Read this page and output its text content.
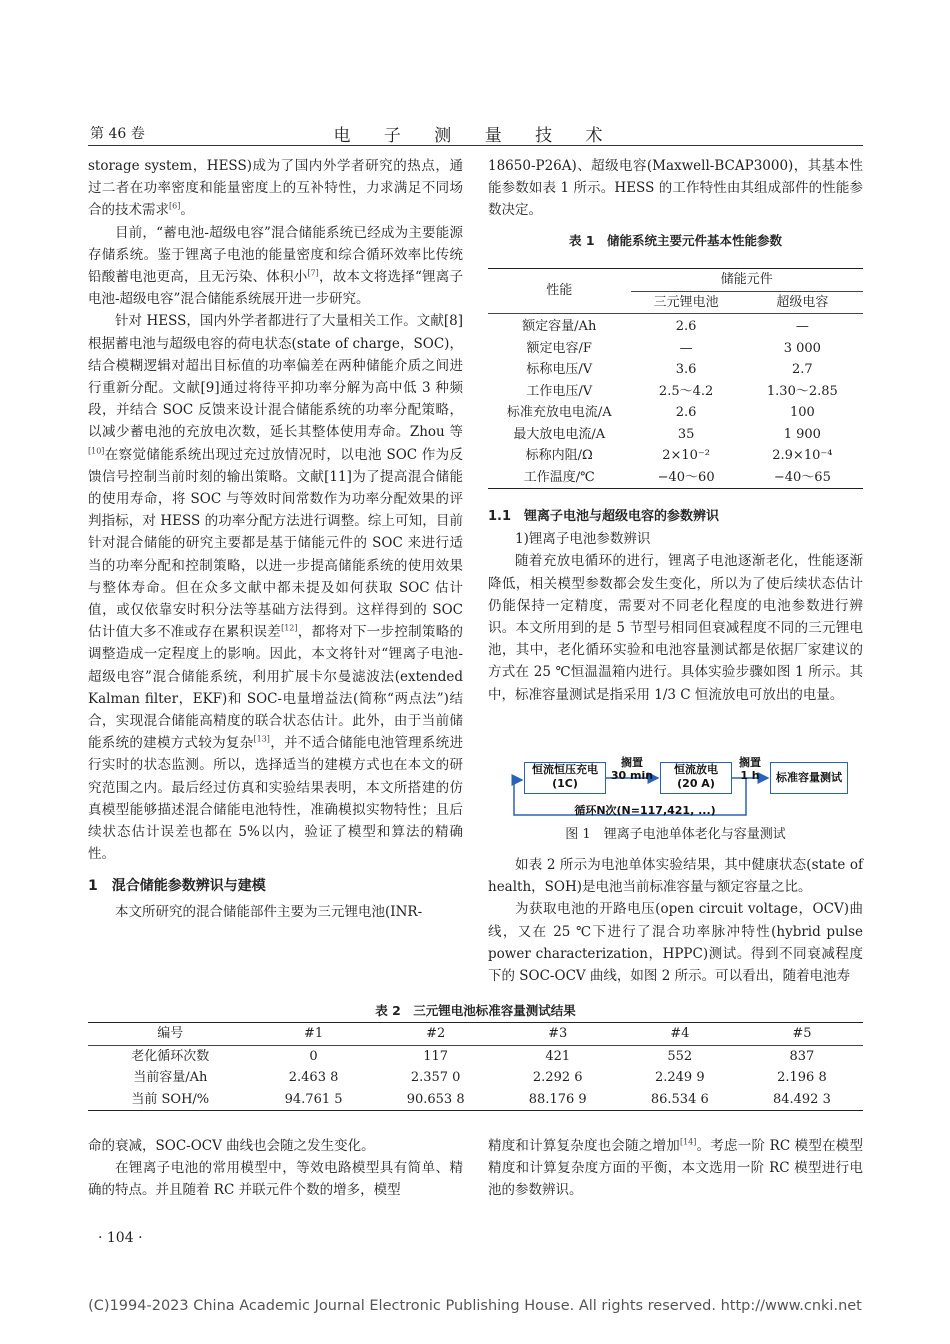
第 46 卷	电 子 测 量 技 术

storage system，HESS)成为了国内外学者研究的热点，通过二者在功率密度和能量密度上的互补特性，力求满足不同场合的技术需求[6]。

目前，“蓄电池-超级电容”混合储能系统已经成为主要能源存储系统。鉴于锂离子电池的能量密度和综合循环效率比传统铅酸蓄电池更高，且无污染、体积小[7]，故本文将选择“锂离子电池-超级电容”混合储能系统展开进一步研究。

针对 HESS，国内外学者都进行了大量相关工作。文献[8]根据蓄电池与超级电容的荷电状态(state of charge，SOC)，结合模糊逻辑对超出目标值的功率偏差在两种储能介质之间进行重新分配。文献[9]通过将待平抑功率分解为高中低 3 种频段，并结合 SOC 反馈来设计混合储能系统的功率分配策略，以减少蓄电池的充放电次数，延长其整体使用寿命。Zhou 等[10]在察觉储能系统出现过充过放情况时，以电池 SOC 作为反馈信号控制当前时刻的输出策略。文献[11]为了提高混合储能的使用寿命，将 SOC 与等效时间常数作为功率分配效果的评判指标，对 HESS 的功率分配方法进行调整。综上可知，目前针对混合储能的研究主要都是基于储能元件的 SOC 来进行适当的功率分配和控制策略，以进一步提高储能系统的使用效果与整体寿命。但在众多文献中都未提及如何获取 SOC 估计值，或仅依靠安时积分法等基础方法得到。这样得到的 SOC 估计值大多不准或存在累积误差[12]，都将对下一步控制策略的调整造成一定程度上的影响。因此，本文将针对“锂离子电池-超级电容”混合储能系统，利用扩展卡尔曼滤波法(extended Kalman filter，EKF)和 SOC-电量增益法(简称“两点法”)结合，实现混合储能高精度的联合状态估计。此外，由于当前储能系统的建模方式较为复杂[13]，并不适合储能电池管理系统进行实时的状态监测。所以，选择适当的建模方式也在本文的研究范围之内。最后经过仿真和实验结果表明，本文所搭建的仿真模型能够描述混合储能电池特性，准确模拟实物特性；且后续状态估计误差也都在 5%以内，验证了模型和算法的精确性。

1　混合储能参数辨识与建模

本文所研究的混合储能部件主要为三元锂电池(INR-

18650-P26A)、超级电容(Maxwell-BCAP3000)，其基本性能参数如表 1 所示。HESS 的工作特性由其组成部件的性能参数决定。

表 1　储能系统主要元件基本性能参数

性能	储能元件	
	三元锂电池	超级电容
额定容量/Ah	2.6	—
额定电容/F	—	3 000
标称电压/V	3.6	2.7
工作电压/V	2.5～4.2	1.30～2.85
标准充放电电流/A	2.6	100
最大放电电流/A	35	1 900
标称内阻/Ω	2×10⁻²	2.9×10⁻⁴
工作温度/℃	−40～60	−40～65

1.1　锂离子电池与超级电容的参数辨识

1)锂离子电池参数辨识

随着充放电循环的进行，锂离子电池逐渐老化，性能逐渐降低，相关模型参数都会发生变化，所以为了使后续状态估计仍能保持一定精度，需要对不同老化程度的电池参数进行辨识。本文所用到的是 5 节型号相同但衰减程度不同的三元锂电池，其中，老化循环实验和电池容量测试都是依据厂家建议的方式在 25 ℃恒温温箱内进行。具体实验步骤如图 1 所示。其中，标准容量测试是指采用 1/3 C 恒流放电可放出的电量。

恒流恒压充电
(1C)
搁置
30 min	恒流放电
(20 A)
搁置
1 h	标准容量测试
循环N次(N=117,421, ...)
图 1　锂离子电池单体老化与容量测试

如表 2 所示为电池单体实验结果，其中健康状态(state of health，SOH)是电池当前标准容量与额定容量之比。

为获取电池的开路电压(open circuit voltage，OCV)曲线，又在 25 ℃下进行了混合功率脉冲特性(hybrid pulse power characterization，HPPC)测试。得到不同衰减程度下的 SOC-OCV 曲线，如图 2 所示。可以看出，随着电池寿

表 2　三元锂电池标准容量测试结果
编号	#1	#2	#3	#4	#5
老化循环次数	0	117	421	552	837
当前容量/Ah	2.463 8	2.357 0	2.292 6	2.249 9	2.196 8
当前 SOH/%	94.761 5	90.653 8	88.176 9	86.534 6	84.492 3

命的衰减，SOC-OCV 曲线也会随之发生变化。

在锂离子电池的常用模型中，等效电路模型具有简单、精确的特点。并且随着 RC 并联元件个数的增多，模型

精度和计算复杂度也会随之增加[14]。考虑一阶 RC 模型在模型精度和计算复杂度方面的平衡，本文选用一阶 RC 模型进行电池的参数辨识。

· 104 ·
(C)1994-2023 China Academic Journal Electronic Publishing House. All rights reserved. http://www.cnki.net
